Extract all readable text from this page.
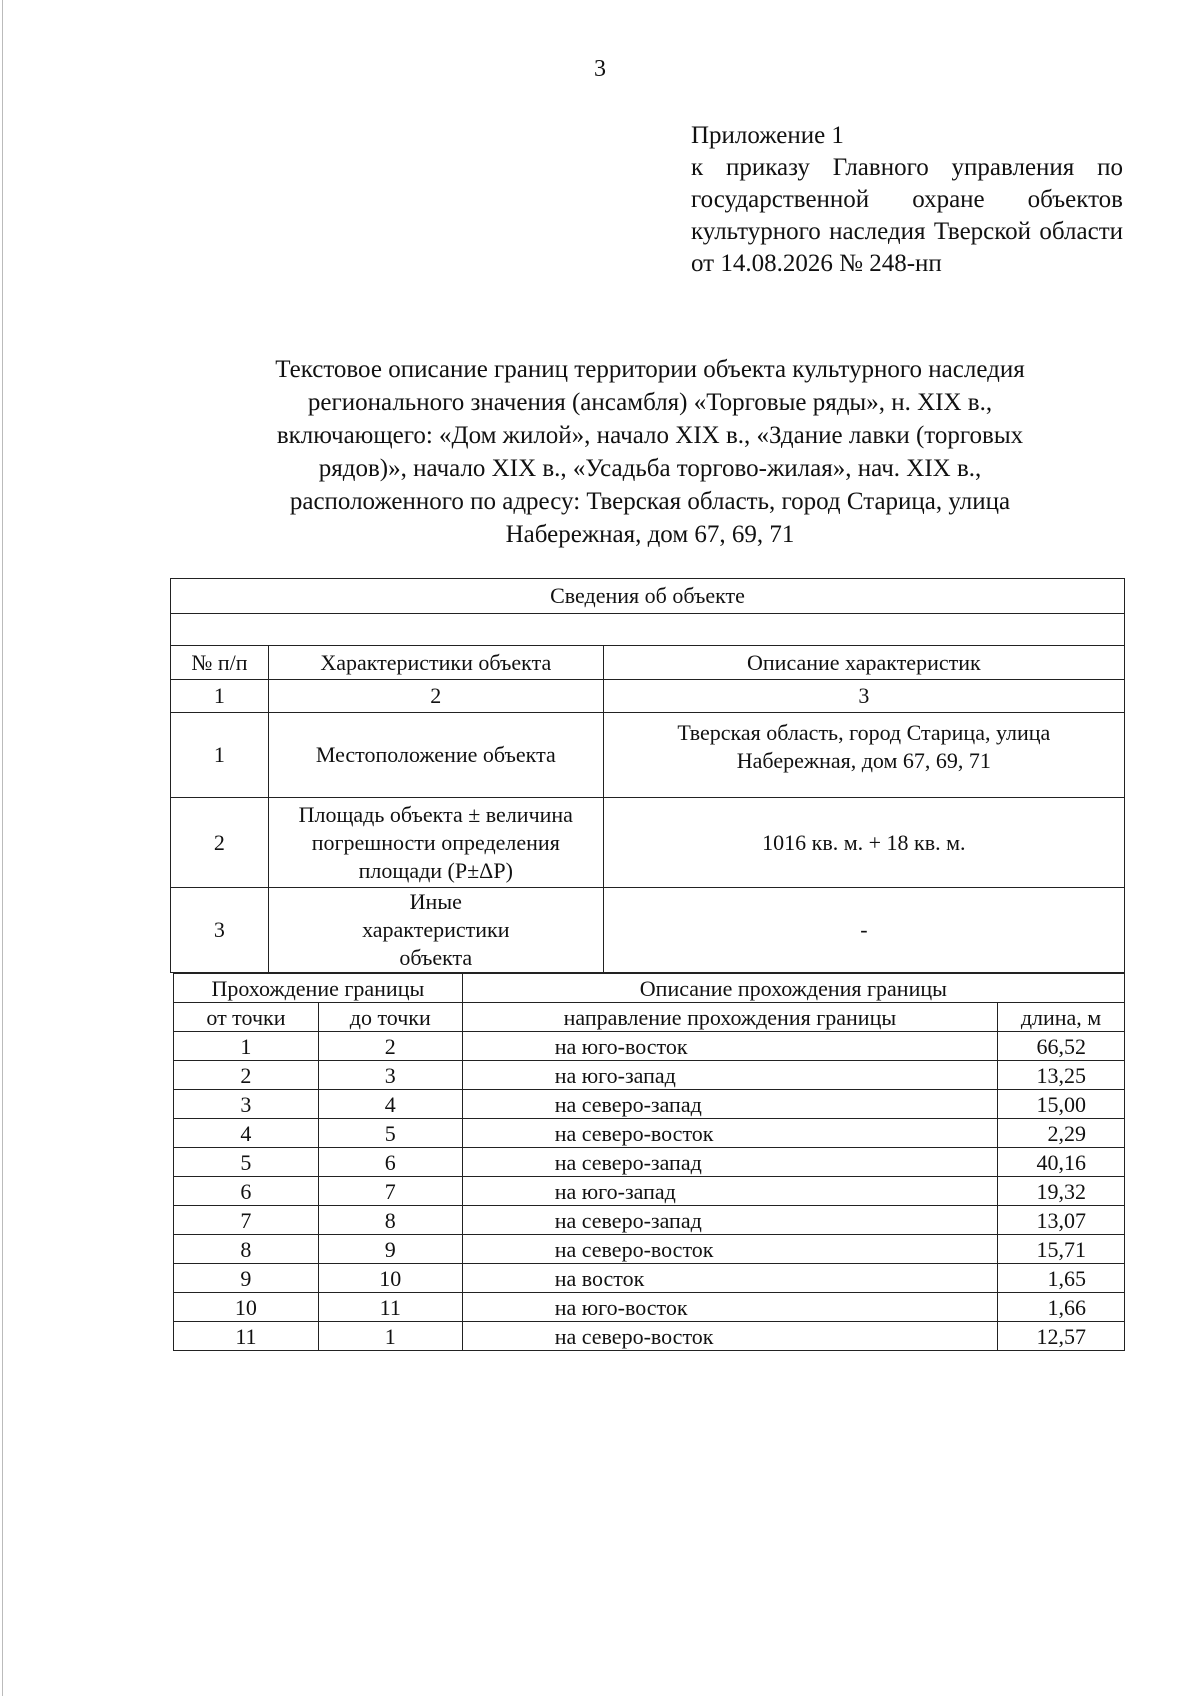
3
Приложение 1
к приказу Главного управления по государственной охране объектов культурного наследия Тверской области от 14.08.2026 № 248-нп
Текстовое описание границ территории объекта культурного наследия
регионального значения (ансамбля) «Торговые ряды», н. XIX в.,
включающего: «Дом жилой», начало XIX в., «Здание лавки (торговых
рядов)», начало XIX в., «Усадьба торгово-жилая», нач. XIX в.,
расположенного по адресу: Тверская область, город Старица, улица
Набережная, дом 67, 69, 71
Сведения об объекте		

№ п/п	Характеристики объекта	Описание характеристик
1	2	3
1	Местоположение объекта	Тверская область, город Старица, улица Набережная, дом 67, 69, 71
2	Площадь объекта ± величина погрешности определения площади (P±ΔP)	1016 кв. м. + 18 кв. м.
3	Иные характеристики объекта	-
Прохождение границы		Описание прохождения границы	
от точки	до точки	направление прохождения границы	длина, м
1	2	на юго-восток	66,52
2	3	на юго-запад	13,25
3	4	на северо-запад	15,00
4	5	на северо-восток	2,29
5	6	на северо-запад	40,16
6	7	на юго-запад	19,32
7	8	на северо-запад	13,07
8	9	на северо-восток	15,71
9	10	на восток	1,65
10	11	на юго-восток	1,66
11	1	на северо-восток	12,57
